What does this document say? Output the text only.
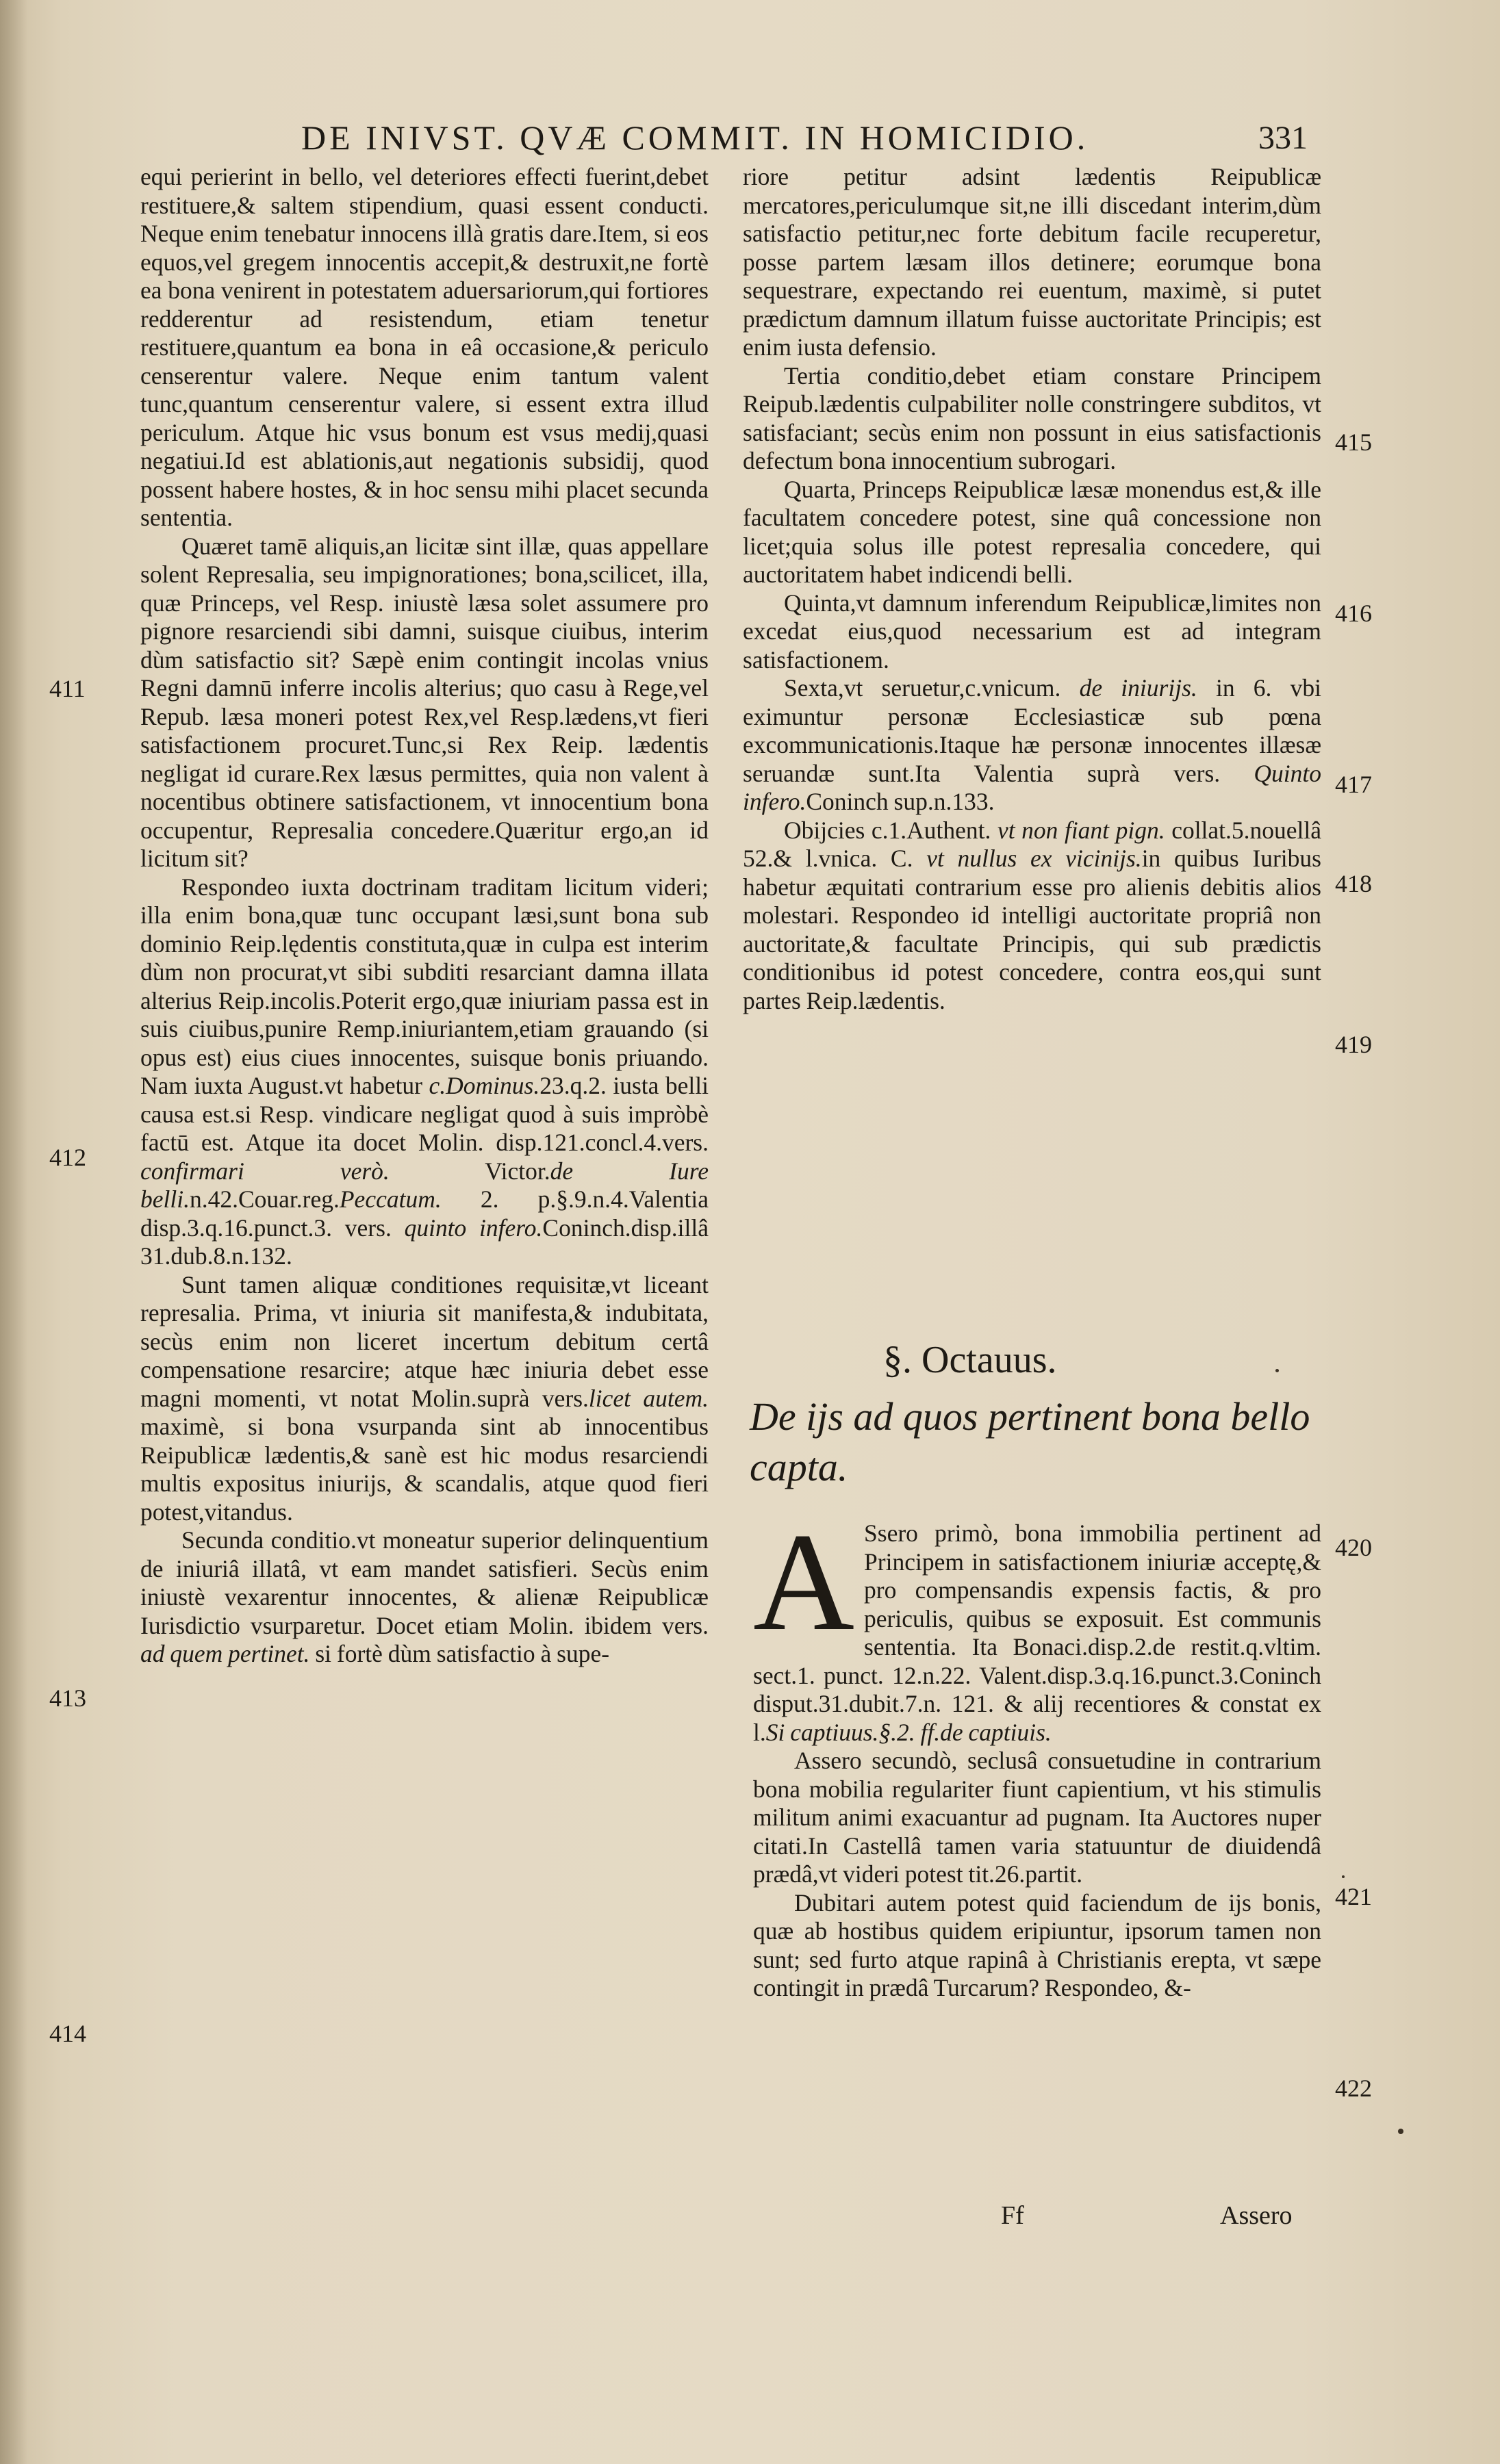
DE INIVST. QVÆ COMMIT. IN HOMICIDIO.	331

equi perierint in bello, vel deteriores effecti fuerint,debet restituere,& saltem stipendium, quasi essent conducti. Neque enim tenebatur innocens illà gratis dare.Item, si eos equos,vel gregem innocentis accepit,& destruxit,ne fortè ea bona venirent in potestatem aduersariorum,qui fortiores redderentur ad resistendum, etiam tenetur restituere,quantum ea bona in eâ occasione,& periculo censerentur valere. Neque enim tantum valent tunc,quantum censerentur valere, si essent extra illud periculum. Atque hic vsus bonum est vsus medij,quasi negatiui.Id est ablationis,aut negationis subsidij, quod possent habere hostes, & in hoc sensu mihi placet secunda sententia.

Quæret tamē aliquis,an licitæ sint illæ, quas appellare solent Represalia, seu impignorationes; bona,scilicet, illa, quæ Princeps, vel Resp. iniustè læsa solet assumere pro pignore resarciendi sibi damni, suisque ciuibus, interim dùm satisfactio sit? Sæpè enim contingit incolas vnius Regni damnū inferre incolis alterius; quo casu à Rege,vel Repub. læsa moneri potest Rex,vel Resp.lædens,vt fieri satisfactionem procuret.Tunc,si Rex Reip. lædentis negligat id curare.Rex læsus permittes, quia non valent à nocentibus obtinere satisfactionem, vt innocentium bona occupentur, Represalia concedere.Quæritur ergo,an id licitum sit?

Respondeo iuxta doctrinam traditam licitum videri; illa enim bona,quæ tunc occupant læsi,sunt bona sub dominio Reip.lędentis constituta,quæ in culpa est interim dùm non procurat,vt sibi subditi resarciant damna illata alterius Reip.incolis.Poterit ergo,quæ iniuriam passa est in suis ciuibus,punire Remp.iniuriantem,etiam grauando (si opus est) eius ciues innocentes, suisque bonis priuando. Nam iuxta August.vt habetur c.Dominus.23.q.2. iusta belli causa est.si Resp. vindicare negligat quod à suis impròbè factū est. Atque ita docet Molin. disp.121.concl.4.vers. confirmari verò.	Victor.de Iure belli.n.42.Couar.reg.Peccatum. 2. p.§.9.n.4.Valentia disp.3.q.16.punct.3. vers. quinto infero.Coninch.disp.illâ 31.dub.8.n.132.

Sunt tamen aliquæ conditiones requisitæ,vt liceant represalia. Prima, vt iniuria sit manifesta,& indubitata, secùs enim non liceret incertum debitum certâ compensatione resarcire; atque hæc iniuria debet esse magni momenti, vt notat Molin.suprà vers.licet autem. maximè, si bona vsurpanda sint ab innocentibus Reipublicæ lædentis,& sanè est hic modus resarciendi multis expositus iniurijs, & scandalis, atque quod fieri potest,vitandus.

Secunda conditio.vt moneatur superior delinquentium de iniuriâ illatâ, vt eam mandet satisfieri. Secùs enim iniustè vexarentur innocentes, & alienæ Reipublicæ Iurisdictio vsurparetur. Docet etiam Molin. ibidem vers. ad quem pertinet. si fortè dùm satisfactio à supe-

411
412
413
414

riore petitur adsint lædentis Reipublicæ mercatores,periculumque sit,ne illi discedant interim,dùm satisfactio petitur,nec forte debitum facile recuperetur, posse partem læsam illos detinere; eorumque bona sequestrare, expectando rei euentum, maximè, si putet prædictum damnum illatum fuisse auctoritate Principis; est enim iusta defensio.

Tertia conditio,debet etiam constare Principem Reipub.lædentis culpabiliter nolle constringere subditos, vt satisfaciant; secùs enim non possunt in eius satisfactionis defectum bona innocentium subrogari.

Quarta, Princeps Reipublicæ læsæ monendus est,& ille facultatem concedere potest, sine quâ concessione non licet;quia solus ille potest represalia concedere, qui auctoritatem habet indicendi belli.

Quinta,vt damnum inferendum Reipublicæ,limites non excedat eius,quod necessarium est ad integram satisfactionem.

Sexta,vt seruetur,c.vnicum. de iniurijs. in 6. vbi eximuntur personæ Ecclesiasticæ sub pœna excommunicationis.Itaque hæ personæ innocentes illæsæ seruandæ sunt.Ita Valentia suprà vers. Quinto infero.Coninch sup.n.133.

Obijcies c.1.Authent. vt non fiant pign. collat.5.nouellâ 52.& l.vnica. C. vt nullus ex vicinijs.in quibus Iuribus habetur æquitati contrarium esse pro alienis debitis alios molestari. Respondeo id intelligi auctoritate propriâ non auctoritate,& facultate Principis, qui sub prædictis conditionibus id potest concedere, contra eos,qui sunt partes Reip.lædentis.

415
416
417
418
419
§. Octauus.
De ijs ad quos pertinent bona bello capta.
A Ssero primò, bona immobilia pertinent ad Principem in satisfactionem iniuriæ acceptę,& pro compensandis expensis factis, & pro periculis, quibus se exposuit. Est communis sententia. Ita Bonaci.disp.2.de restit.q.vltim. sect.1. punct. 12.n.22. Valent.disp.3.q.16.punct.3.Coninch disput.31.dubit.7.n. 121. & alij recentiores & constat ex l.Si captiuus.§.2. ff.de captiuis.

Assero secundò, seclusâ consuetudine in contrarium bona mobilia regulariter fiunt capientium, vt his stimulis militum animi exacuantur ad pugnam. Ita Auctores nuper citati.In Castellâ tamen varia statuuntur de diuidendâ prædâ,vt videri potest tit.26.partit.

Dubitari autem potest quid faciendum de ijs bonis, quæ ab hostibus quidem eripiuntur, ipsorum tamen non sunt; sed furto atque rapinâ à Christianis erepta, vt sæpe contingit in prædâ Turcarum? Respondeo, &-

420
421
422
Ff	Assero
